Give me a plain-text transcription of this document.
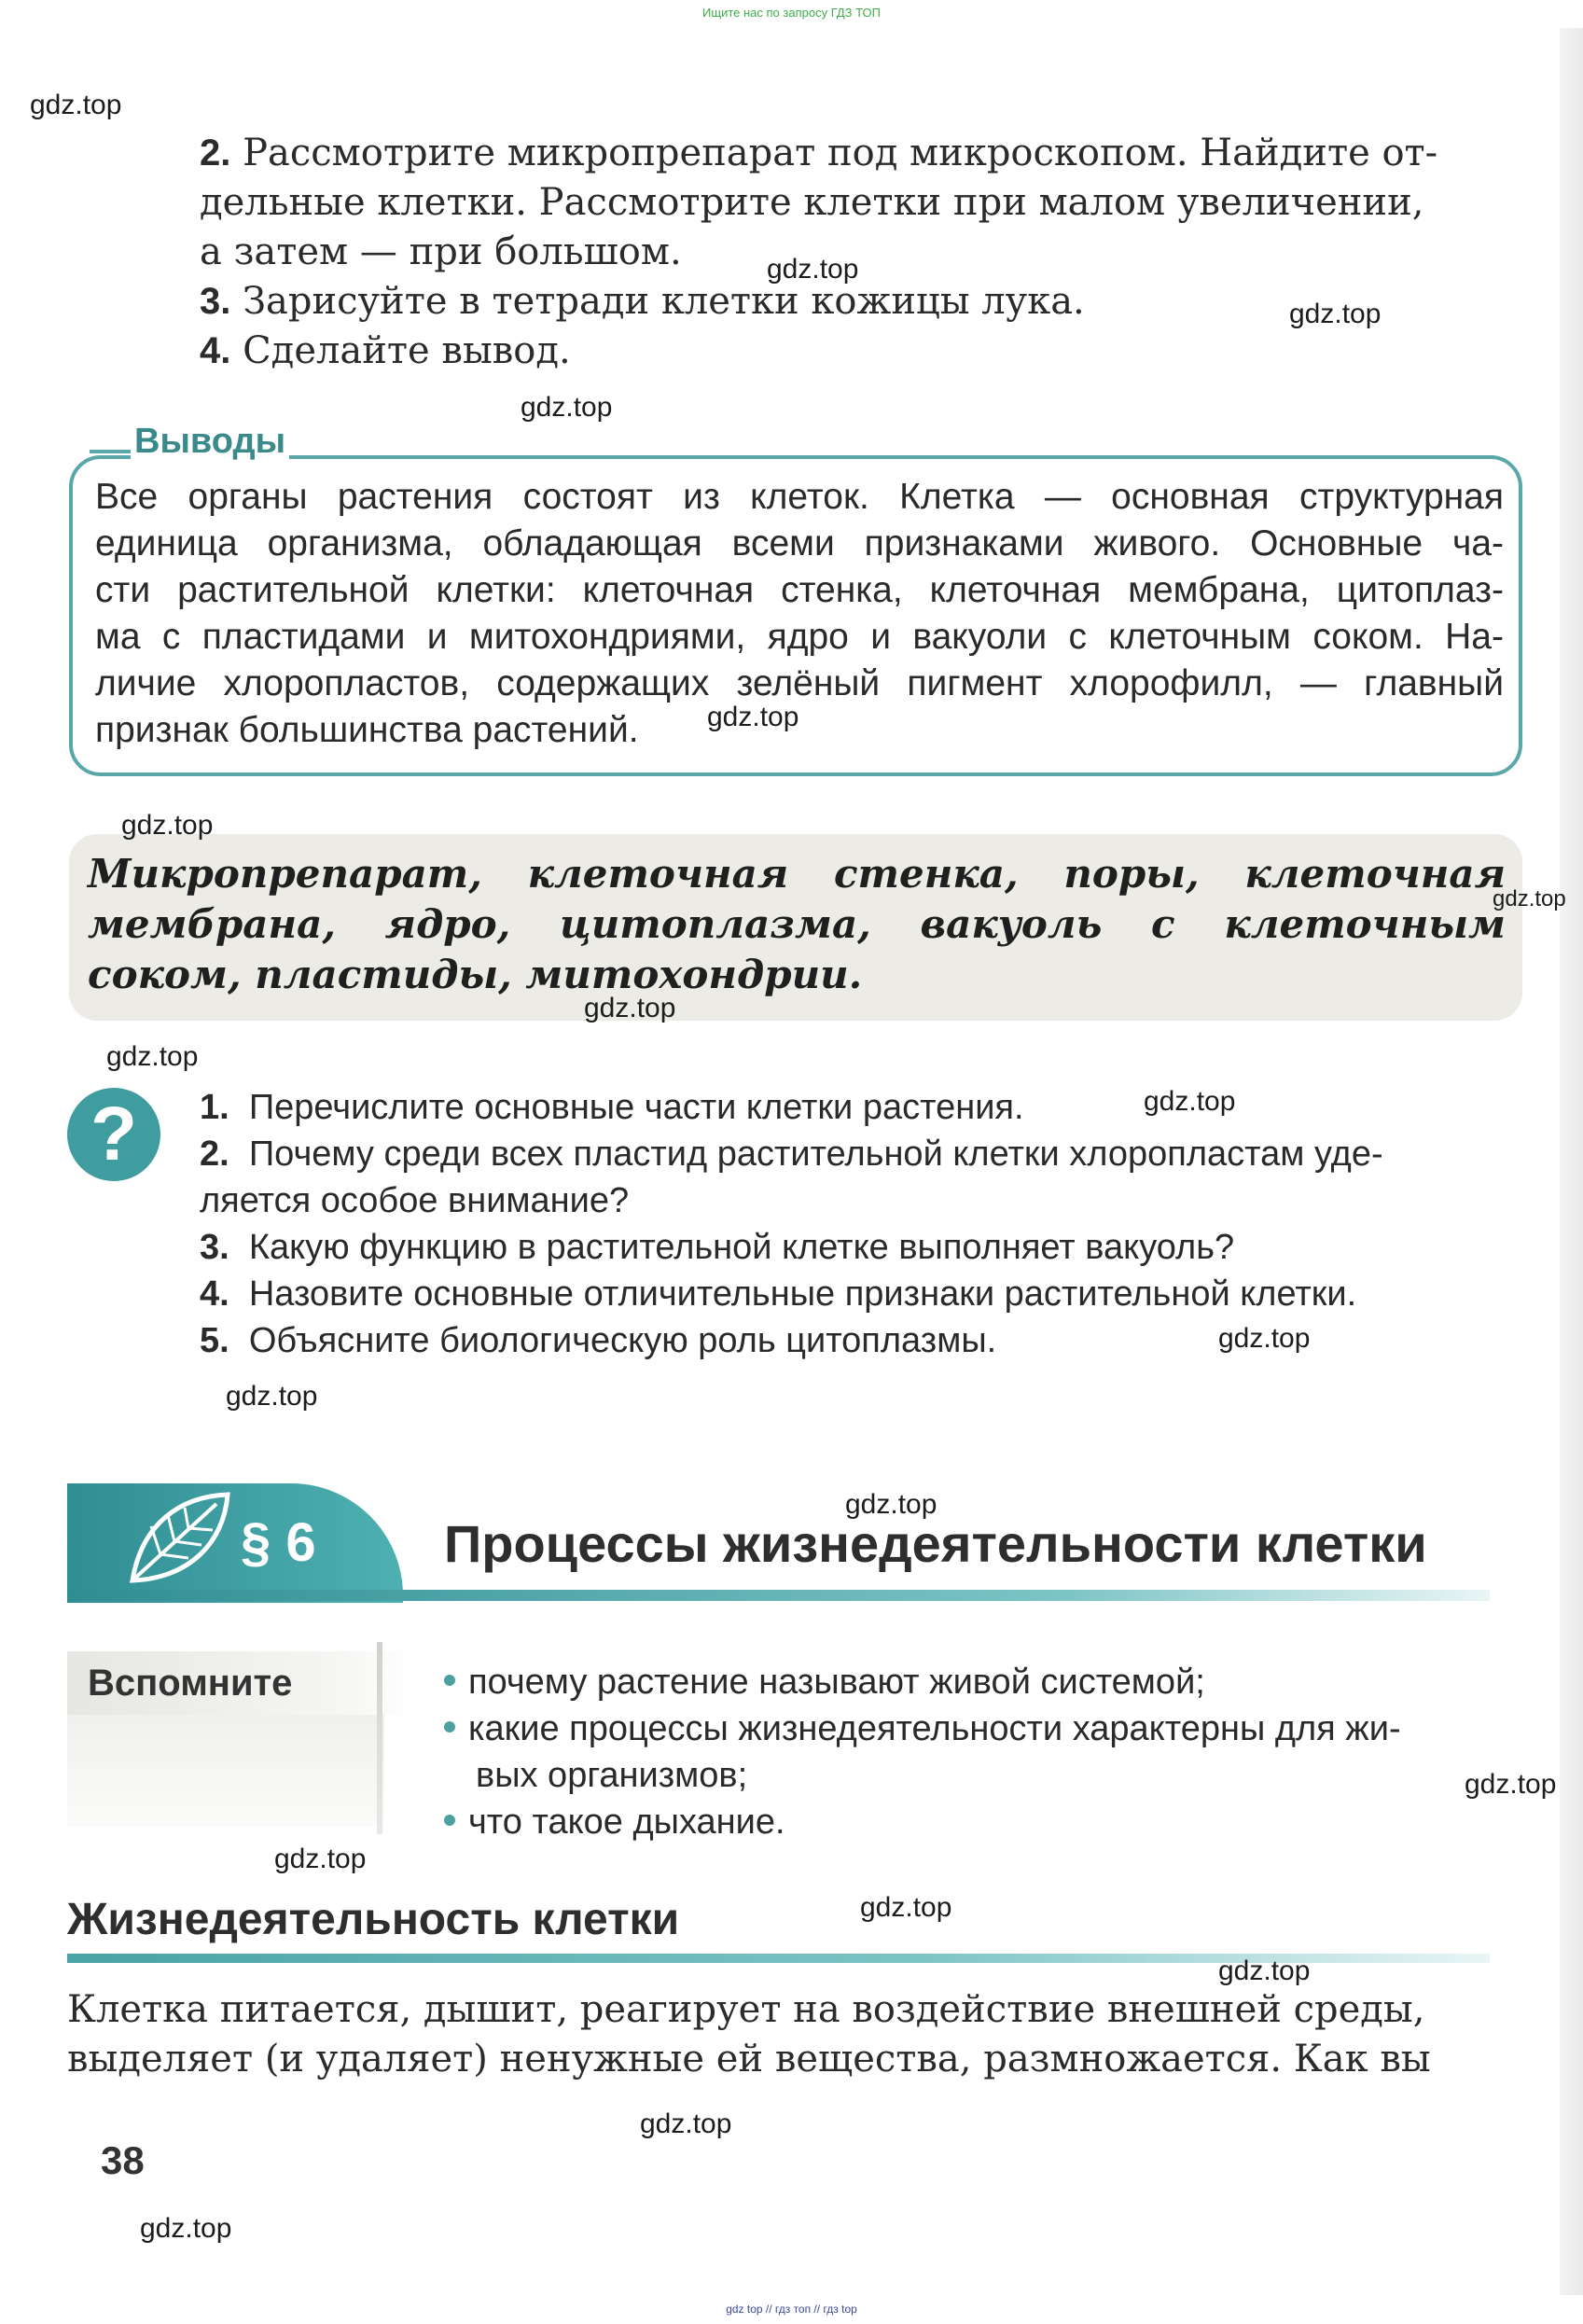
Ищите нас по запросу ГДЗ ТОП

2. Рассмотрите микропрепарат под микроскопом. Найдите от-
дельные клетки. Рассмотрите клетки при малом увеличении,
а затем — при большом.
3. Зарисуйте в тетради клетки кожицы лука.
4. Сделайте вывод.
Выводы
Все органы растения состоят из клеток. Клетка — основная структурная
единица организма, обладающая всеми признаками живого. Основные ча-
сти растительной клетки: клеточная стенка, клеточная мембрана, цитоплаз-
ма с пластидами и митохондриями, ядро и вакуоли с клеточным соком. На-
личие хлоропластов, содержащих зелёный пигмент хлорофилл, — главный
признак большинства растений.
Микропрепарат, клеточная стенка, поры, клеточная
мембрана, ядро, цитоплазма, вакуоль с клеточным
соком, пластиды, митохондрии.
?	1. Перечислите основные части клетки растения.
2. Почему среди всех пластид растительной клетки хлоропластам уде-
ляется особое внимание?
3. Какую функцию в растительной клетке выполняет вакуоль?
4. Назовите основные отличительные признаки растительной клетки.
5. Объясните биологическую роль цитоплазмы.
§ 6 Процессы жизнедеятельности клетки
Вспомните	почему растение называют живой системой;
какие процессы жизнедеятельности характерны для жи-
вых организмов;
что такое дыхание.
Жизнедеятельность клетки
Клетка питается, дышит, реагирует на воздействие внешней среды,
выделяет (и удаляет) ненужные ей вещества, размножается. Как вы
38
gdz.top
gdz.top
gdz.top
gdz.top
gdz.top
gdz.top
gdz.top
gdz.top
gdz.top
gdz.top
gdz.top
gdz.top
gdz.top
gdz.top
gdz.top
gdz.top
gdz.top
gdz.top
gdz.top
gdz top // гдз топ // гдз top
